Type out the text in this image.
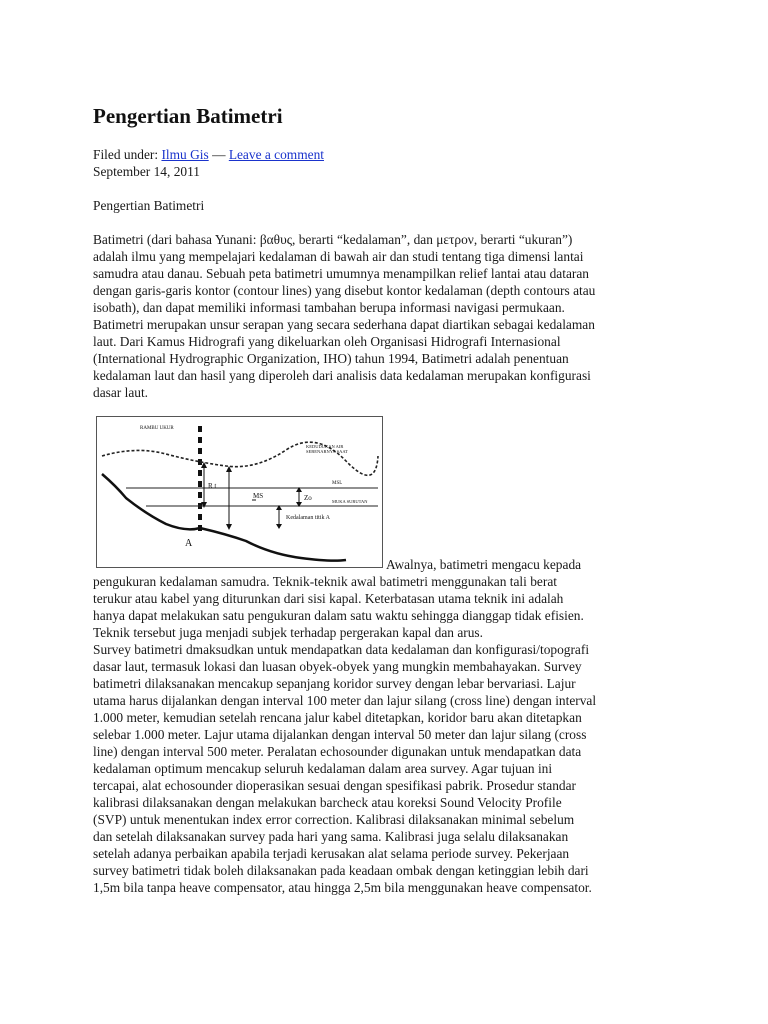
Pengertian Batimetri
Filed under: Ilmu Gis — Leave a comment
September 14, 2011
Pengertian Batimetri
Batimetri (dari bahasa Yunani: βαθυς, berarti “kedalaman”, dan μετρον, berarti “ukuran”)
adalah ilmu yang mempelajari kedalaman di bawah air dan studi tentang tiga dimensi lantai
samudra atau danau. Sebuah peta batimetri umumnya menampilkan relief lantai atau dataran
dengan garis-garis kontor (contour lines) yang disebut kontor kedalaman (depth contours atau
isobath), dan dapat memiliki informasi tambahan berupa informasi navigasi permukaan.
Batimetri merupakan unsur serapan yang secara sederhana dapat diartikan sebagai kedalaman
laut. Dari Kamus Hidrografi yang dikeluarkan oleh Organisasi Hidrografi Internasional
(International Hydrographic Organization, IHO) tahun 1994, Batimetri adalah penentuan
kedalaman laut dan hasil yang diperoleh dari analisis data kedalaman merupakan konfigurasi
dasar laut.
RAMBU UKUR
KEDUDUKAN AIR
SEBENARNYA SAAT
R t	MSL
MS	Zo	MUKA SURUTAN
Kedalaman titik A
A
Awalnya, batimetri mengacu kepada
pengukuran kedalaman samudra. Teknik-teknik awal batimetri menggunakan tali berat
terukur atau kabel yang diturunkan dari sisi kapal. Keterbatasan utama teknik ini adalah
hanya dapat melakukan satu pengukuran dalam satu waktu sehingga dianggap tidak efisien.
Teknik tersebut juga menjadi subjek terhadap pergerakan kapal dan arus.
Survey batimetri dmaksudkan untuk mendapatkan data kedalaman dan konfigurasi/topografi
dasar laut, termasuk lokasi dan luasan obyek-obyek yang mungkin membahayakan. Survey
batimetri dilaksanakan mencakup sepanjang koridor survey dengan lebar bervariasi. Lajur
utama harus dijalankan dengan interval 100 meter dan lajur silang (cross line) dengan interval
1.000 meter, kemudian setelah rencana jalur kabel ditetapkan, koridor baru akan ditetapkan
selebar 1.000 meter. Lajur utama dijalankan dengan interval 50 meter dan lajur silang (cross
line) dengan interval 500 meter. Peralatan echosounder digunakan untuk mendapatkan data
kedalaman optimum mencakup seluruh kedalaman dalam area survey. Agar tujuan ini
tercapai, alat echosounder dioperasikan sesuai dengan spesifikasi pabrik. Prosedur standar
kalibrasi dilaksanakan dengan melakukan barcheck atau koreksi Sound Velocity Profile
(SVP) untuk menentukan index error correction. Kalibrasi dilaksanakan minimal sebelum
dan setelah dilaksanakan survey pada hari yang sama. Kalibrasi juga selalu dilaksanakan
setelah adanya perbaikan apabila terjadi kerusakan alat selama periode survey. Pekerjaan
survey batimetri tidak boleh dilaksanakan pada keadaan ombak dengan ketinggian lebih dari
1,5m bila tanpa heave compensator, atau hingga 2,5m bila menggunakan heave compensator.
